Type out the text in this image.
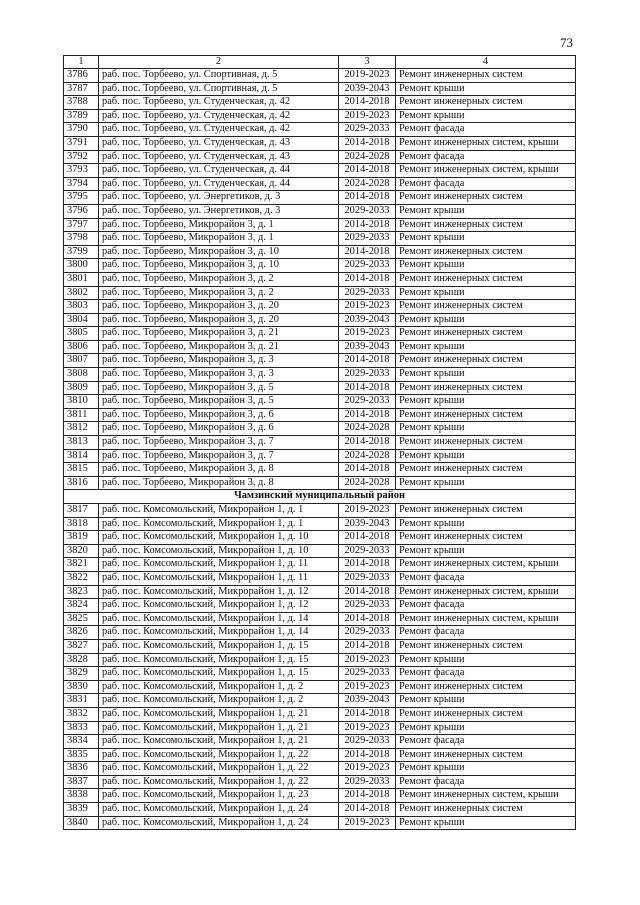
73
1	2	3	4
3786	раб. пос. Торбеево, ул. Спортивная, д. 5	2019-2023	Ремонт инженерных систем
3787	раб. пос. Торбеево, ул. Спортивная, д. 5	2039-2043	Ремонт крыши
3788	раб. пос. Торбеево, ул. Студенческая, д. 42	2014-2018	Ремонт инженерных систем
3789	раб. пос. Торбеево, ул. Студенческая, д. 42	2019-2023	Ремонт крыши
3790	раб. пос. Торбеево, ул. Студенческая, д. 42	2029-2033	Ремонт фасада
3791	раб. пос. Торбеево, ул. Студенческая, д. 43	2014-2018	Ремонт инженерных систем, крыши
3792	раб. пос. Торбеево, ул. Студенческая, д. 43	2024-2028	Ремонт фасада
3793	раб. пос. Торбеево, ул. Студенческая, д. 44	2014-2018	Ремонт инженерных систем, крыши
3794	раб. пос. Торбеево, ул. Студенческая, д. 44	2024-2028	Ремонт фасада
3795	раб. пос. Торбеево, ул. Энергетиков, д. 3	2014-2018	Ремонт инженерных систем
3796	раб. пос. Торбеево, ул. Энергетиков, д. 3	2029-2033	Ремонт крыши
3797	раб. пос. Торбеево, Микрорайон 3, д. 1	2014-2018	Ремонт инженерных систем
3798	раб. пос. Торбеево, Микрорайон 3, д. 1	2029-2033	Ремонт крыши
3799	раб. пос. Торбеево, Микрорайон 3, д. 10	2014-2018	Ремонт инженерных систем
3800	раб. пос. Торбеево, Микрорайон 3, д. 10	2029-2033	Ремонт крыши
3801	раб. пос. Торбеево, Микрорайон 3, д. 2	2014-2018	Ремонт инженерных систем
3802	раб. пос. Торбеево, Микрорайон 3, д. 2	2029-2033	Ремонт крыши
3803	раб. пос. Торбеево, Микрорайон 3, д. 20	2019-2023	Ремонт инженерных систем
3804	раб. пос. Торбеево, Микрорайон 3, д. 20	2039-2043	Ремонт крыши
3805	раб. пос. Торбеево, Микрорайон 3, д. 21	2019-2023	Ремонт инженерных систем
3806	раб. пос. Торбеево, Микрорайон 3, д. 21	2039-2043	Ремонт крыши
3807	раб. пос. Торбеево, Микрорайон 3, д. 3	2014-2018	Ремонт инженерных систем
3808	раб. пос. Торбеево, Микрорайон 3, д. 3	2029-2033	Ремонт крыши
3809	раб. пос. Торбеево, Микрорайон 3, д. 5	2014-2018	Ремонт инженерных систем
3810	раб. пос. Торбеево, Микрорайон 3, д. 5	2029-2033	Ремонт крыши
3811	раб. пос. Торбеево, Микрорайон 3, д. 6	2014-2018	Ремонт инженерных систем
3812	раб. пос. Торбеево, Микрорайон 3, д. 6	2024-2028	Ремонт крыши
3813	раб. пос. Торбеево, Микрорайон 3, д. 7	2014-2018	Ремонт инженерных систем
3814	раб. пос. Торбеево, Микрорайон 3, д. 7	2024-2028	Ремонт крыши
3815	раб. пос. Торбеево, Микрорайон 3, д. 8	2014-2018	Ремонт инженерных систем
3816	раб. пос. Торбеево, Микрорайон 3, д. 8	2024-2028	Ремонт крыши
Чамзинский муниципальный район			
3817	раб. пос. Комсомольский, Микрорайон 1, д. 1	2019-2023	Ремонт инженерных систем
3818	раб. пос. Комсомольский, Микрорайон 1, д. 1	2039-2043	Ремонт крыши
3819	раб. пос. Комсомольский, Микрорайон 1, д. 10	2014-2018	Ремонт инженерных систем
3820	раб. пос. Комсомольский, Микрорайон 1, д. 10	2029-2033	Ремонт крыши
3821	раб. пос. Комсомольский, Микрорайон 1, д. 11	2014-2018	Ремонт инженерных систем, крыши
3822	раб. пос. Комсомольский, Микрорайон 1, д. 11	2029-2033	Ремонт фасада
3823	раб. пос. Комсомольский, Микрорайон 1, д. 12	2014-2018	Ремонт инженерных систем, крыши
3824	раб. пос. Комсомольский, Микрорайон 1, д. 12	2029-2033	Ремонт фасада
3825	раб. пос. Комсомольский, Микрорайон 1, д. 14	2014-2018	Ремонт инженерных систем, крыши
3826	раб. пос. Комсомольский, Микрорайон 1, д. 14	2029-2033	Ремонт фасада
3827	раб. пос. Комсомольский, Микрорайон 1, д. 15	2014-2018	Ремонт инженерных систем
3828	раб. пос. Комсомольский, Микрорайон 1, д. 15	2019-2023	Ремонт крыши
3829	раб. пос. Комсомольский, Микрорайон 1, д. 15	2029-2033	Ремонт фасада
3830	раб. пос. Комсомольский, Микрорайон 1, д. 2	2019-2023	Ремонт инженерных систем
3831	раб. пос. Комсомольский, Микрорайон 1, д. 2	2039-2043	Ремонт крыши
3832	раб. пос. Комсомольский, Микрорайон 1, д. 21	2014-2018	Ремонт инженерных систем
3833	раб. пос. Комсомольский, Микрорайон 1, д. 21	2019-2023	Ремонт крыши
3834	раб. пос. Комсомольский, Микрорайон 1, д. 21	2029-2033	Ремонт фасада
3835	раб. пос. Комсомольский, Микрорайон 1, д. 22	2014-2018	Ремонт инженерных систем
3836	раб. пос. Комсомольский, Микрорайон 1, д. 22	2019-2023	Ремонт крыши
3837	раб. пос. Комсомольский, Микрорайон 1, д. 22	2029-2033	Ремонт фасада
3838	раб. пос. Комсомольский, Микрорайон 1, д. 23	2014-2018	Ремонт инженерных систем, крыши
3839	раб. пос. Комсомольский, Микрорайон 1, д. 24	2014-2018	Ремонт инженерных систем
3840	раб. пос. Комсомольский, Микрорайон 1, д. 24	2019-2023	Ремонт крыши
